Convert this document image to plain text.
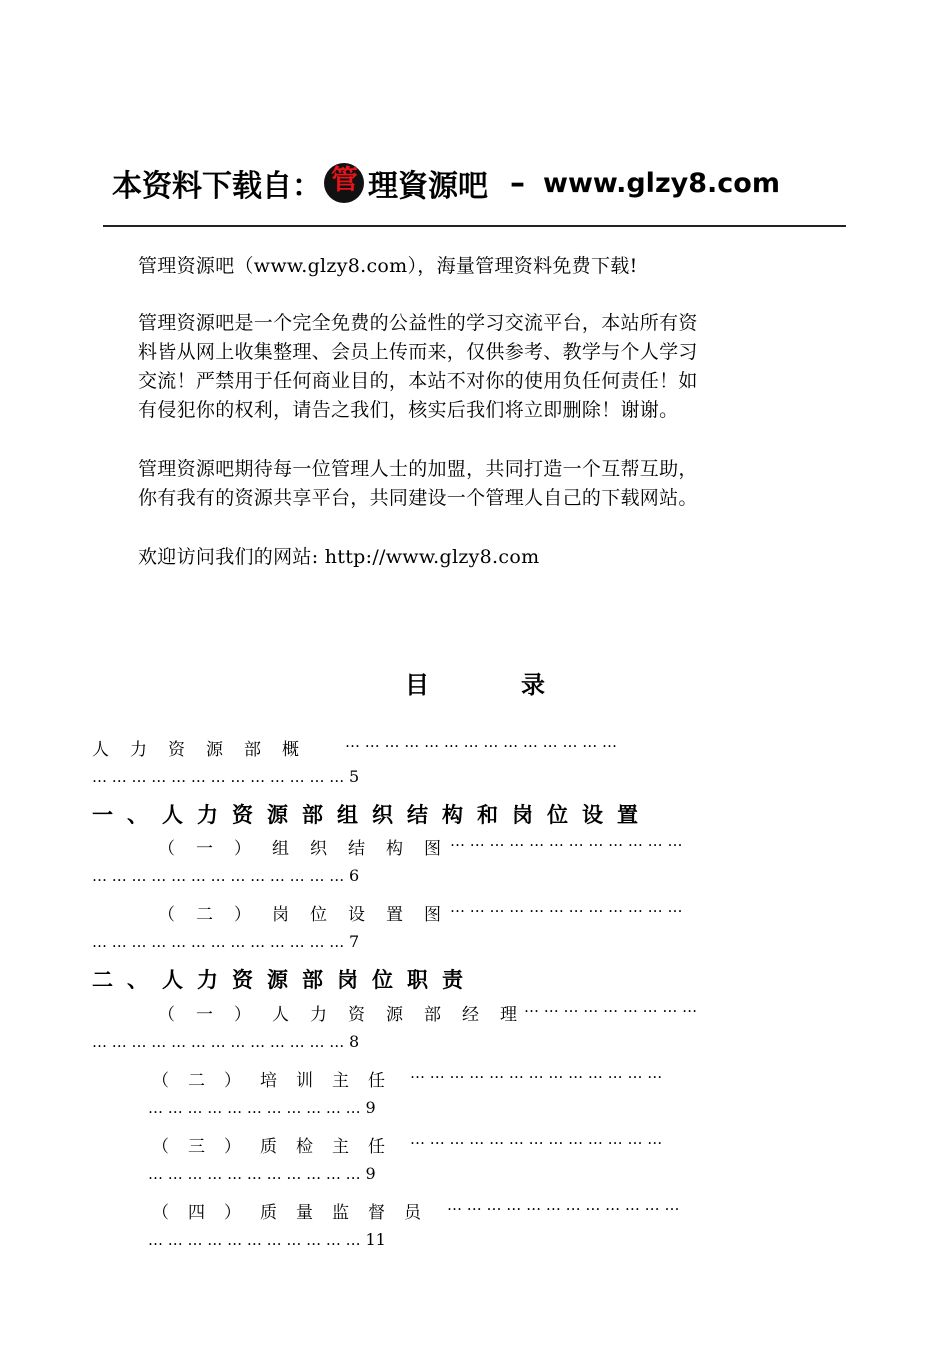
本资料下载自： 管 理資源吧 – www.glzy8.com
管理资源吧（www.glzy8.com），海量管理资料免费下载!
管理资源吧是一个完全免费的公益性的学习交流平台，本站所有资
料皆从网上收集整理、会员上传而来，仅供参考、教学与个人学习
交流！严禁用于任何商业目的，本站不对你的使用负任何责任！如
有侵犯你的权利，请告之我们，核实后我们将立即删除！谢谢。
管理资源吧期待每一位管理人士的加盟，共同打造一个互帮互助，
你有我有的资源共享平台，共同建设一个管理人自己的下载网站。
欢迎访问我们的网站: http://www.glzy8.com
目	录
人力资源部概 … … … … … … … … … … … … … …
… … … … … … … … … … … … … 5
一、人力资源部组织结构和岗位设置
（一）组织结构图
… … … … … … … … … … … …
… … … … … … … … … … … … … 6
（二）岗位设置图
… … … … … … … … … … … …
… … … … … … … … … … … … … 7
二、人力资源部岗位职责
（一）人力资源部经理
… … … … … … … … …
… … … … … … … … … … … … … 8
（二）培训主任 … … … … … … … … … … … … …
… … … … … … … … … … … 9
（三）质检主任 … … … … … … … … … … … … …
… … … … … … … … … … … 9
（四）质量监督员 … … … … … … … … … … … …
… … … … … … … … … … … 11
